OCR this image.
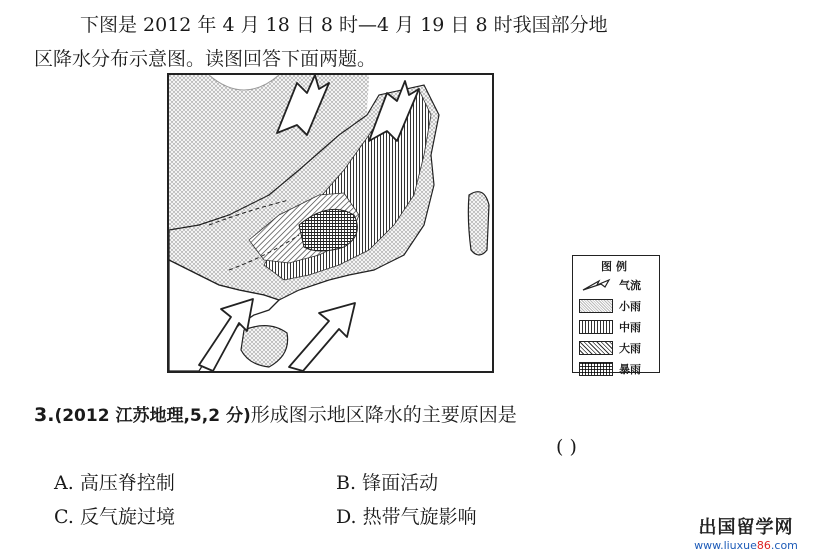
下图是 2012 年 4 月 18 日 8 时—4 月 19 日 8 时我国部分地
区降水分布示意图。读图回答下面两题。
图例
气流
小雨
中雨
大雨
暴雨
3.(2012 江苏地理,5,2 分)形成图示地区降水的主要原因是
( )
A. 高压脊控制	B. 锋面活动
C. 反气旋过境	D. 热带气旋影响	出国留学网
www.liuxue86.com
